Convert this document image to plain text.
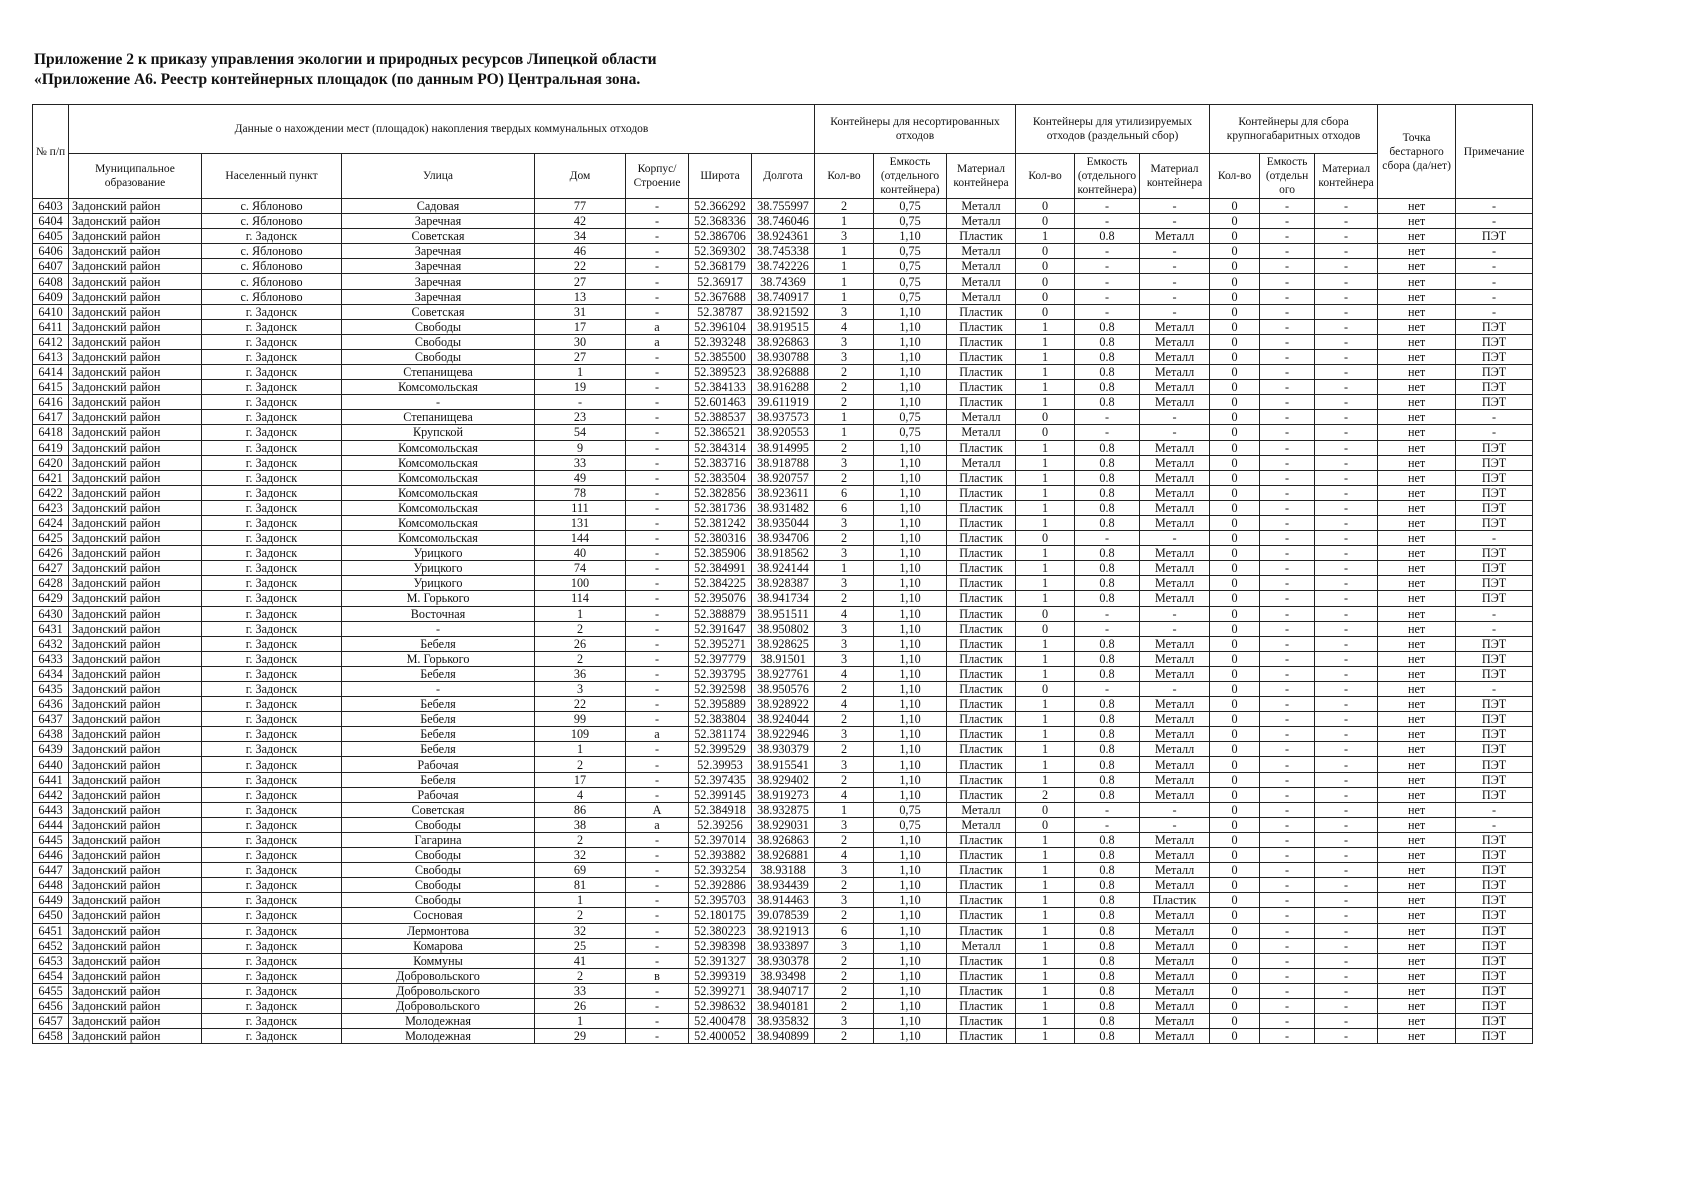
Приложение 2 к приказу управления экологии и природных ресурсов Липецкой области
«Приложение А6. Реестр контейнерных площадок (по данным РО) Центральная зона.
№ п/п	Данные о нахождении мест (площадок) накопления твердых коммунальных отходов							Контейнеры для несортированных отходов			Контейнеры для утилизируемых отходов (раздельный сбор)			Контейнеры для сбора крупногабаритных отходов			Точка бестарного сбора (да/нет)	Примечание
	Муниципальное образование	Населенный пункт	Улица	Дом	Корпус/ Строение	Широта	Долгота	Кол-во	Емкость (отдельного контейнера)	Материал контейнера	Кол-во	Емкость (отдельного контейнера)	Материал контейнера	Кол-во	Емкость (отдельн ого	Материал контейнера		
6403	Задонский район	с. Яблоново	Садовая	77	-	52.366292	38.755997	2	0,75	Металл	0	-	-	0	-	-	нет	-
6404	Задонский район	с. Яблоново	Заречная	42	-	52.368336	38.746046	1	0,75	Металл	0	-	-	0	-	-	нет	-
6405	Задонский район	г. Задонск	Советская	34	-	52.386706	38.924361	3	1,10	Пластик	1	0.8	Металл	0	-	-	нет	ПЭТ
6406	Задонский район	с. Яблоново	Заречная	46	-	52.369302	38.745338	1	0,75	Металл	0	-	-	0	-	-	нет	-
6407	Задонский район	с. Яблоново	Заречная	22	-	52.368179	38.742226	1	0,75	Металл	0	-	-	0	-	-	нет	-
6408	Задонский район	с. Яблоново	Заречная	27	-	52.36917	38.74369	1	0,75	Металл	0	-	-	0	-	-	нет	-
6409	Задонский район	с. Яблоново	Заречная	13	-	52.367688	38.740917	1	0,75	Металл	0	-	-	0	-	-	нет	-
6410	Задонский район	г. Задонск	Советская	31	-	52.38787	38.921592	3	1,10	Пластик	0	-	-	0	-	-	нет	-
6411	Задонский район	г. Задонск	Свободы	17	а	52.396104	38.919515	4	1,10	Пластик	1	0.8	Металл	0	-	-	нет	ПЭТ
6412	Задонский район	г. Задонск	Свободы	30	а	52.393248	38.926863	3	1,10	Пластик	1	0.8	Металл	0	-	-	нет	ПЭТ
6413	Задонский район	г. Задонск	Свободы	27	-	52.385500	38.930788	3	1,10	Пластик	1	0.8	Металл	0	-	-	нет	ПЭТ
6414	Задонский район	г. Задонск	Степанищева	1	-	52.389523	38.926888	2	1,10	Пластик	1	0.8	Металл	0	-	-	нет	ПЭТ
6415	Задонский район	г. Задонск	Комсомольская	19	-	52.384133	38.916288	2	1,10	Пластик	1	0.8	Металл	0	-	-	нет	ПЭТ
6416	Задонский район	г. Задонск	-	-	-	52.601463	39.611919	2	1,10	Пластик	1	0.8	Металл	0	-	-	нет	ПЭТ
6417	Задонский район	г. Задонск	Степанищева	23	-	52.388537	38.937573	1	0,75	Металл	0	-	-	0	-	-	нет	-
6418	Задонский район	г. Задонск	Крупской	54	-	52.386521	38.920553	1	0,75	Металл	0	-	-	0	-	-	нет	-
6419	Задонский район	г. Задонск	Комсомольская	9	-	52.384314	38.914995	2	1,10	Пластик	1	0.8	Металл	0	-	-	нет	ПЭТ
6420	Задонский район	г. Задонск	Комсомольская	33	-	52.383716	38.918788	3	1,10	Металл	1	0.8	Металл	0	-	-	нет	ПЭТ
6421	Задонский район	г. Задонск	Комсомольская	49	-	52.383504	38.920757	2	1,10	Пластик	1	0.8	Металл	0	-	-	нет	ПЭТ
6422	Задонский район	г. Задонск	Комсомольская	78	-	52.382856	38.923611	6	1,10	Пластик	1	0.8	Металл	0	-	-	нет	ПЭТ
6423	Задонский район	г. Задонск	Комсомольская	111	-	52.381736	38.931482	6	1,10	Пластик	1	0.8	Металл	0	-	-	нет	ПЭТ
6424	Задонский район	г. Задонск	Комсомольская	131	-	52.381242	38.935044	3	1,10	Пластик	1	0.8	Металл	0	-	-	нет	ПЭТ
6425	Задонский район	г. Задонск	Комсомольская	144	-	52.380316	38.934706	2	1,10	Пластик	0	-	-	0	-	-	нет	-
6426	Задонский район	г. Задонск	Урицкого	40	-	52.385906	38.918562	3	1,10	Пластик	1	0.8	Металл	0	-	-	нет	ПЭТ
6427	Задонский район	г. Задонск	Урицкого	74	-	52.384991	38.924144	1	1,10	Пластик	1	0.8	Металл	0	-	-	нет	ПЭТ
6428	Задонский район	г. Задонск	Урицкого	100	-	52.384225	38.928387	3	1,10	Пластик	1	0.8	Металл	0	-	-	нет	ПЭТ
6429	Задонский район	г. Задонск	М. Горького	114	-	52.395076	38.941734	2	1,10	Пластик	1	0.8	Металл	0	-	-	нет	ПЭТ
6430	Задонский район	г. Задонск	Восточная	1	-	52.388879	38.951511	4	1,10	Пластик	0	-	-	0	-	-	нет	-
6431	Задонский район	г. Задонск	-	2	-	52.391647	38.950802	3	1,10	Пластик	0	-	-	0	-	-	нет	-
6432	Задонский район	г. Задонск	Бебеля	26	-	52.395271	38.928625	3	1,10	Пластик	1	0.8	Металл	0	-	-	нет	ПЭТ
6433	Задонский район	г. Задонск	М. Горького	2	-	52.397779	38.91501	3	1,10	Пластик	1	0.8	Металл	0	-	-	нет	ПЭТ
6434	Задонский район	г. Задонск	Бебеля	36	-	52.393795	38.927761	4	1,10	Пластик	1	0.8	Металл	0	-	-	нет	ПЭТ
6435	Задонский район	г. Задонск	-	3	-	52.392598	38.950576	2	1,10	Пластик	0	-	-	0	-	-	нет	-
6436	Задонский район	г. Задонск	Бебеля	22	-	52.395889	38.928922	4	1,10	Пластик	1	0.8	Металл	0	-	-	нет	ПЭТ
6437	Задонский район	г. Задонск	Бебеля	99	-	52.383804	38.924044	2	1,10	Пластик	1	0.8	Металл	0	-	-	нет	ПЭТ
6438	Задонский район	г. Задонск	Бебеля	109	а	52.381174	38.922946	3	1,10	Пластик	1	0.8	Металл	0	-	-	нет	ПЭТ
6439	Задонский район	г. Задонск	Бебеля	1	-	52.399529	38.930379	2	1,10	Пластик	1	0.8	Металл	0	-	-	нет	ПЭТ
6440	Задонский район	г. Задонск	Рабочая	2	-	52.39953	38.915541	3	1,10	Пластик	1	0.8	Металл	0	-	-	нет	ПЭТ
6441	Задонский район	г. Задонск	Бебеля	17	-	52.397435	38.929402	2	1,10	Пластик	1	0.8	Металл	0	-	-	нет	ПЭТ
6442	Задонский район	г. Задонск	Рабочая	4	-	52.399145	38.919273	4	1,10	Пластик	2	0.8	Металл	0	-	-	нет	ПЭТ
6443	Задонский район	г. Задонск	Советская	86	А	52.384918	38.932875	1	0,75	Металл	0	-	-	0	-	-	нет	-
6444	Задонский район	г. Задонск	Свободы	38	а	52.39256	38.929031	3	0,75	Металл	0	-	-	0	-	-	нет	-
6445	Задонский район	г. Задонск	Гагарина	2	-	52.397014	38.926863	2	1,10	Пластик	1	0.8	Металл	0	-	-	нет	ПЭТ
6446	Задонский район	г. Задонск	Свободы	32	-	52.393882	38.926881	4	1,10	Пластик	1	0.8	Металл	0	-	-	нет	ПЭТ
6447	Задонский район	г. Задонск	Свободы	69	-	52.393254	38.93188	3	1,10	Пластик	1	0.8	Металл	0	-	-	нет	ПЭТ
6448	Задонский район	г. Задонск	Свободы	81	-	52.392886	38.934439	2	1,10	Пластик	1	0.8	Металл	0	-	-	нет	ПЭТ
6449	Задонский район	г. Задонск	Свободы	1	-	52.395703	38.914463	3	1,10	Пластик	1	0.8	Пластик	0	-	-	нет	ПЭТ
6450	Задонский район	г. Задонск	Сосновая	2	-	52.180175	39.078539	2	1,10	Пластик	1	0.8	Металл	0	-	-	нет	ПЭТ
6451	Задонский район	г. Задонск	Лермонтова	32	-	52.380223	38.921913	6	1,10	Пластик	1	0.8	Металл	0	-	-	нет	ПЭТ
6452	Задонский район	г. Задонск	Комарова	25	-	52.398398	38.933897	3	1,10	Металл	1	0.8	Металл	0	-	-	нет	ПЭТ
6453	Задонский район	г. Задонск	Коммуны	41	-	52.391327	38.930378	2	1,10	Пластик	1	0.8	Металл	0	-	-	нет	ПЭТ
6454	Задонский район	г. Задонск	Добровольского	2	в	52.399319	38.93498	2	1,10	Пластик	1	0.8	Металл	0	-	-	нет	ПЭТ
6455	Задонский район	г. Задонск	Добровольского	33	-	52.399271	38.940717	2	1,10	Пластик	1	0.8	Металл	0	-	-	нет	ПЭТ
6456	Задонский район	г. Задонск	Добровольского	26	-	52.398632	38.940181	2	1,10	Пластик	1	0.8	Металл	0	-	-	нет	ПЭТ
6457	Задонский район	г. Задонск	Молодежная	1	-	52.400478	38.935832	3	1,10	Пластик	1	0.8	Металл	0	-	-	нет	ПЭТ
6458	Задонский район	г. Задонск	Молодежная	29	-	52.400052	38.940899	2	1,10	Пластик	1	0.8	Металл	0	-	-	нет	ПЭТ
